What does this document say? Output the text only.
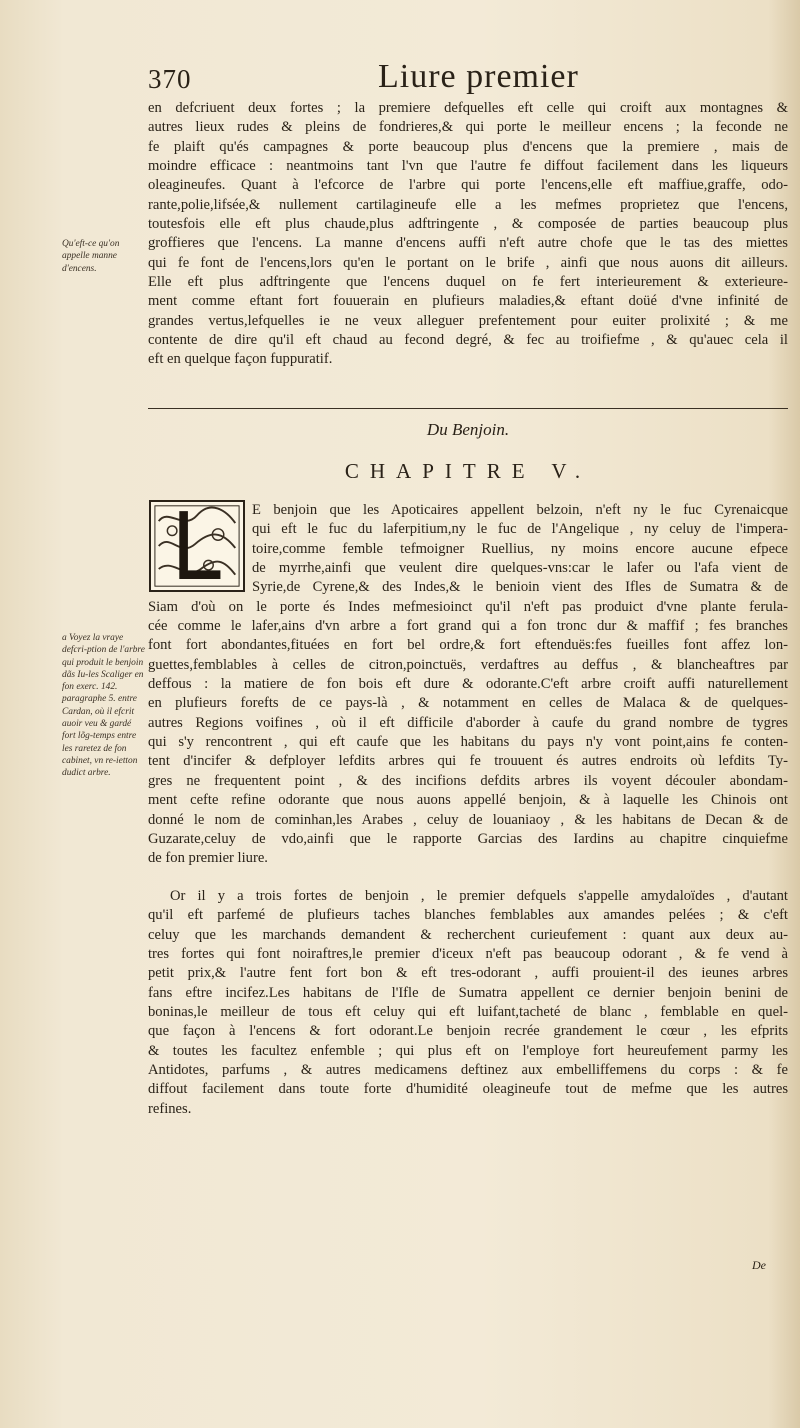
370	Liure premier
en defcriuent deux fortes ; la premiere defquelles eft celle qui croift aux montagnes &
autres lieux rudes & pleins de fondrieres,& qui porte le meilleur encens ; la feconde ne
fe plaift qu'és campagnes & porte beaucoup plus d'encens que la premiere , mais de
moindre efficace : neantmoins tant l'vn que l'autre fe diffout facilement dans les liqueurs
oleagineufes. Quant à l'efcorce de l'arbre qui porte l'encens,elle eft maffiue,graffe, odo-
rante,polie,lifsée,& nullement cartilagineufe elle a les mefmes proprietez que l'encens,
toutesfois elle eft plus chaude,plus adftringente , & composée de parties beaucoup plus
groffieres que l'encens. La manne d'encens auffi n'eft autre chofe que le tas des miettes
qui fe font de l'encens,lors qu'en le portant on le brife , ainfi que nous auons dit ailleurs.
Elle eft plus adftringente que l'encens duquel on fe fert interieurement & exterieure-
ment comme eftant fort fouuerain en plufieurs maladies,& eftant doüé d'vne infinité de
grandes vertus,lefquelles ie ne veux alleguer prefentement pour euiter prolixité ; & me
contente de dire qu'il eft chaud au fecond degré, & fec au troifiefme , & qu'auec cela il
eft en quelque façon fuppuratif.
Qu'eft-ce qu'on appelle manne d'encens.
Du Benjoin.
CHAPITRE V.
E benjoin que les Apoticaires appellent belzoin, n'eft ny le fuc Cyrenaicque
qui eft le fuc du laferpitium,ny le fuc de l'Angelique , ny celuy de l'impera-
toire,comme femble tefmoigner Ruellius, ny moins encore aucune efpece
de myrrhe,ainfi que veulent dire quelques-vns:car le lafer ou l'afa vient de
Syrie,de Cyrene,& des Indes,& le benioin vient des Ifles de Sumatra & de
Siam d'où on le porte és Indes mefmesioinct qu'il n'eft pas produict d'vne plante ferula-
cée comme le lafer,ains d'vn arbre a fort grand qui a fon tronc dur & maffif ; fes branches
font fort abondantes,fituées en fort bel ordre,& fort eftenduës:fes fueilles font affez lon-
guettes,femblables à celles de citron,poinctuës, verdaftres au deffus , & blancheaftres par
deffous : la matiere de fon bois eft dure & odorante.C'eft arbre croift auffi naturellement
en plufieurs forefts de ce pays-là , & notamment en celles de Malaca & de quelques-
autres Regions voifines , où il eft difficile d'aborder à caufe du grand nombre de tygres
qui s'y rencontrent , qui eft caufe que les habitans du pays n'y vont point,ains fe conten-
tent d'incifer & defployer lefdits arbres qui fe trouuent és autres endroits où lefdits Ty-
gres ne frequentent point , & des incifions defdits arbres ils voyent découler abondam-
ment cefte refine odorante que nous auons appellé benjoin, & à laquelle les Chinois ont
donné le nom de cominhan,les Arabes , celuy de louaniaoy , & les habitans de Decan & de
Guzarate,celuy de vdo,ainfi que le rapporte Garcias des Iardins au chapitre cinquiefme
de fon premier liure.
a Voyez la vraye defcri-ption de l'arbre qui produit le benjoin dãs Iu-les Scaliger en fon exerc. 142. paragraphe 5. entre Cardan, où il efcrit auoir veu & gardé fort lõg-temps entre les raretez de fon cabinet, vn re-ietton dudict arbre.
Or il y a trois fortes de benjoin , le premier defquels s'appelle amydaloïdes , d'autant
qu'il eft parfemé de plufieurs taches blanches femblables aux amandes pelées ; & c'eft
celuy que les marchands demandent & recherchent curieufement : quant aux deux au-
tres fortes qui font noiraftres,le premier d'iceux n'eft pas beaucoup odorant , & fe vend à
petit prix,& l'autre fent fort bon & eft tres-odorant , auffi prouient-il des ieunes arbres
fans eftre incifez.Les habitans de l'Ifle de Sumatra appellent ce dernier benjoin benini de
boninas,le meilleur de tous eft celuy qui eft luifant,tacheté de blanc , femblable en quel-
que façon à l'encens & fort odorant.Le benjoin recrée grandement le cœur , les efprits
& toutes les facultez enfemble ; qui plus eft on l'employe fort heureufement parmy les
Antidotes, parfums , & autres medicamens deftinez aux embelliffemens du corps : & fe
diffout facilement dans toute forte d'humidité oleagineufe tout de mefme que les autres
refines.
De
